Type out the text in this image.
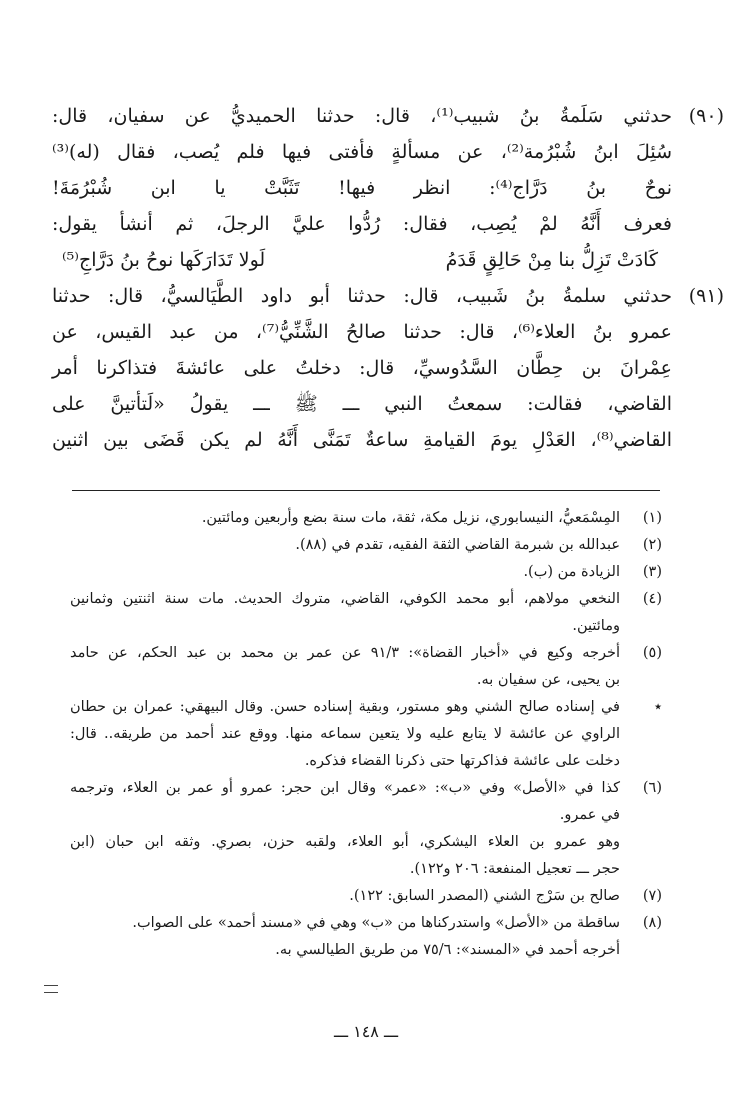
(٩٠)
حدثني سَلَمةُ بنُ شبيب⁽¹⁾، قال: حدثنا الحميديُّ عن سفيان، قال:
سُئِلَ ابنُ شُبْرُمة⁽²⁾، عن مسألةٍ فأفتى فيها فلم يُصب، فقال (له)⁽³⁾
نوحٌ بنُ دَرَّاج⁽⁴⁾: انظر فيها! تَثَبَّتْ يا ابن شُبْرُمَةَ!
فعرف أَنَّهُ لمْ يُصِب، فقال: رُدُّوا عليَّ الرجلَ، ثم أنشأ يقول:
كَادَتْ تَزِلُّ بنا مِنْ حَالِقٍ قَدَمُ
لَولا تَدَارَكَها نوحُ بنُ دَرَّاجِ⁽⁵⁾
(٩١)
حدثني سلمةُ بنُ شَبيب، قال: حدثنا أبو داود الطَّيَالسيُّ، قال: حدثنا
عمرو بنُ العلاء⁽⁶⁾، قال: حدثنا صالحُ الشَّنِّيُّ⁽⁷⁾، من عبد القيس، عن
عِمْرانَ بن حِطَّان السَّدُوسيِّ، قال: دخلتُ على عائشةَ فتذاكرنا أمر
القاضي، فقالت: سمعتُ النبي ـــ ﷺ ـــ يقولُ «لَتأتينَّ على
القاضي⁽⁸⁾، العَدْلِ يومَ القيامةِ ساعةٌ تَمَنَّى أَنَّهُ لم يكن قَضَى بين اثنين
(١)
المِسْمَعيُّ، النيسابوري، نزيل مكة، ثقة، مات سنة بضع وأربعين ومائتين.
(٢)
عبدالله بن شبرمة القاضي الثقة الفقيه، تقدم في (٨٨).
(٣)
الزيادة من (ب).
(٤)
النخعي مولاهم، أبو محمد الكوفي، القاضي، متروك الحديث. مات سنة اثنتين وثمانين
ومائتين.
(٥)
أخرجه وكيع في «أخبار القضاة»: ٩١/٣ عن عمر بن محمد بن عبد الحكم، عن حامد
بن يحيى، عن سفيان به.
٭
في إسناده صالح الشني وهو مستور، وبقية إسناده حسن. وقال البيهقي: عمران بن حطان
الراوي عن عائشة لا يتابع عليه ولا يتعين سماعه منها. ووقع عند أحمد من طريقه.. قال:
دخلت على عائشة فذاكرتها حتى ذكرنا القضاء فذكره.
(٦)
كذا في «الأصل» وفي «ب»: «عمر» وقال ابن حجر: عمرو أو عمر بن العلاء، وترجمه
في عمرو.
وهو عمرو بن العلاء اليشكري، أبو العلاء، ولقبه حزن، بصري. وثقه ابن حبان (ابن
حجر ـــ تعجيل المنفعة: ٢٠٦ و١٢٢).
(٧)
صالح بن سَرْج الشني (المصدر السابق: ١٢٢).
(٨)
ساقطة من «الأصل» واستدركناها من «ب» وهي في «مسند أحمد» على الصواب.
أخرجه أحمد في «المسند»: ٧٥/٦ من طريق الطيالسي به.
ـــ ١٤٨ ـــ
